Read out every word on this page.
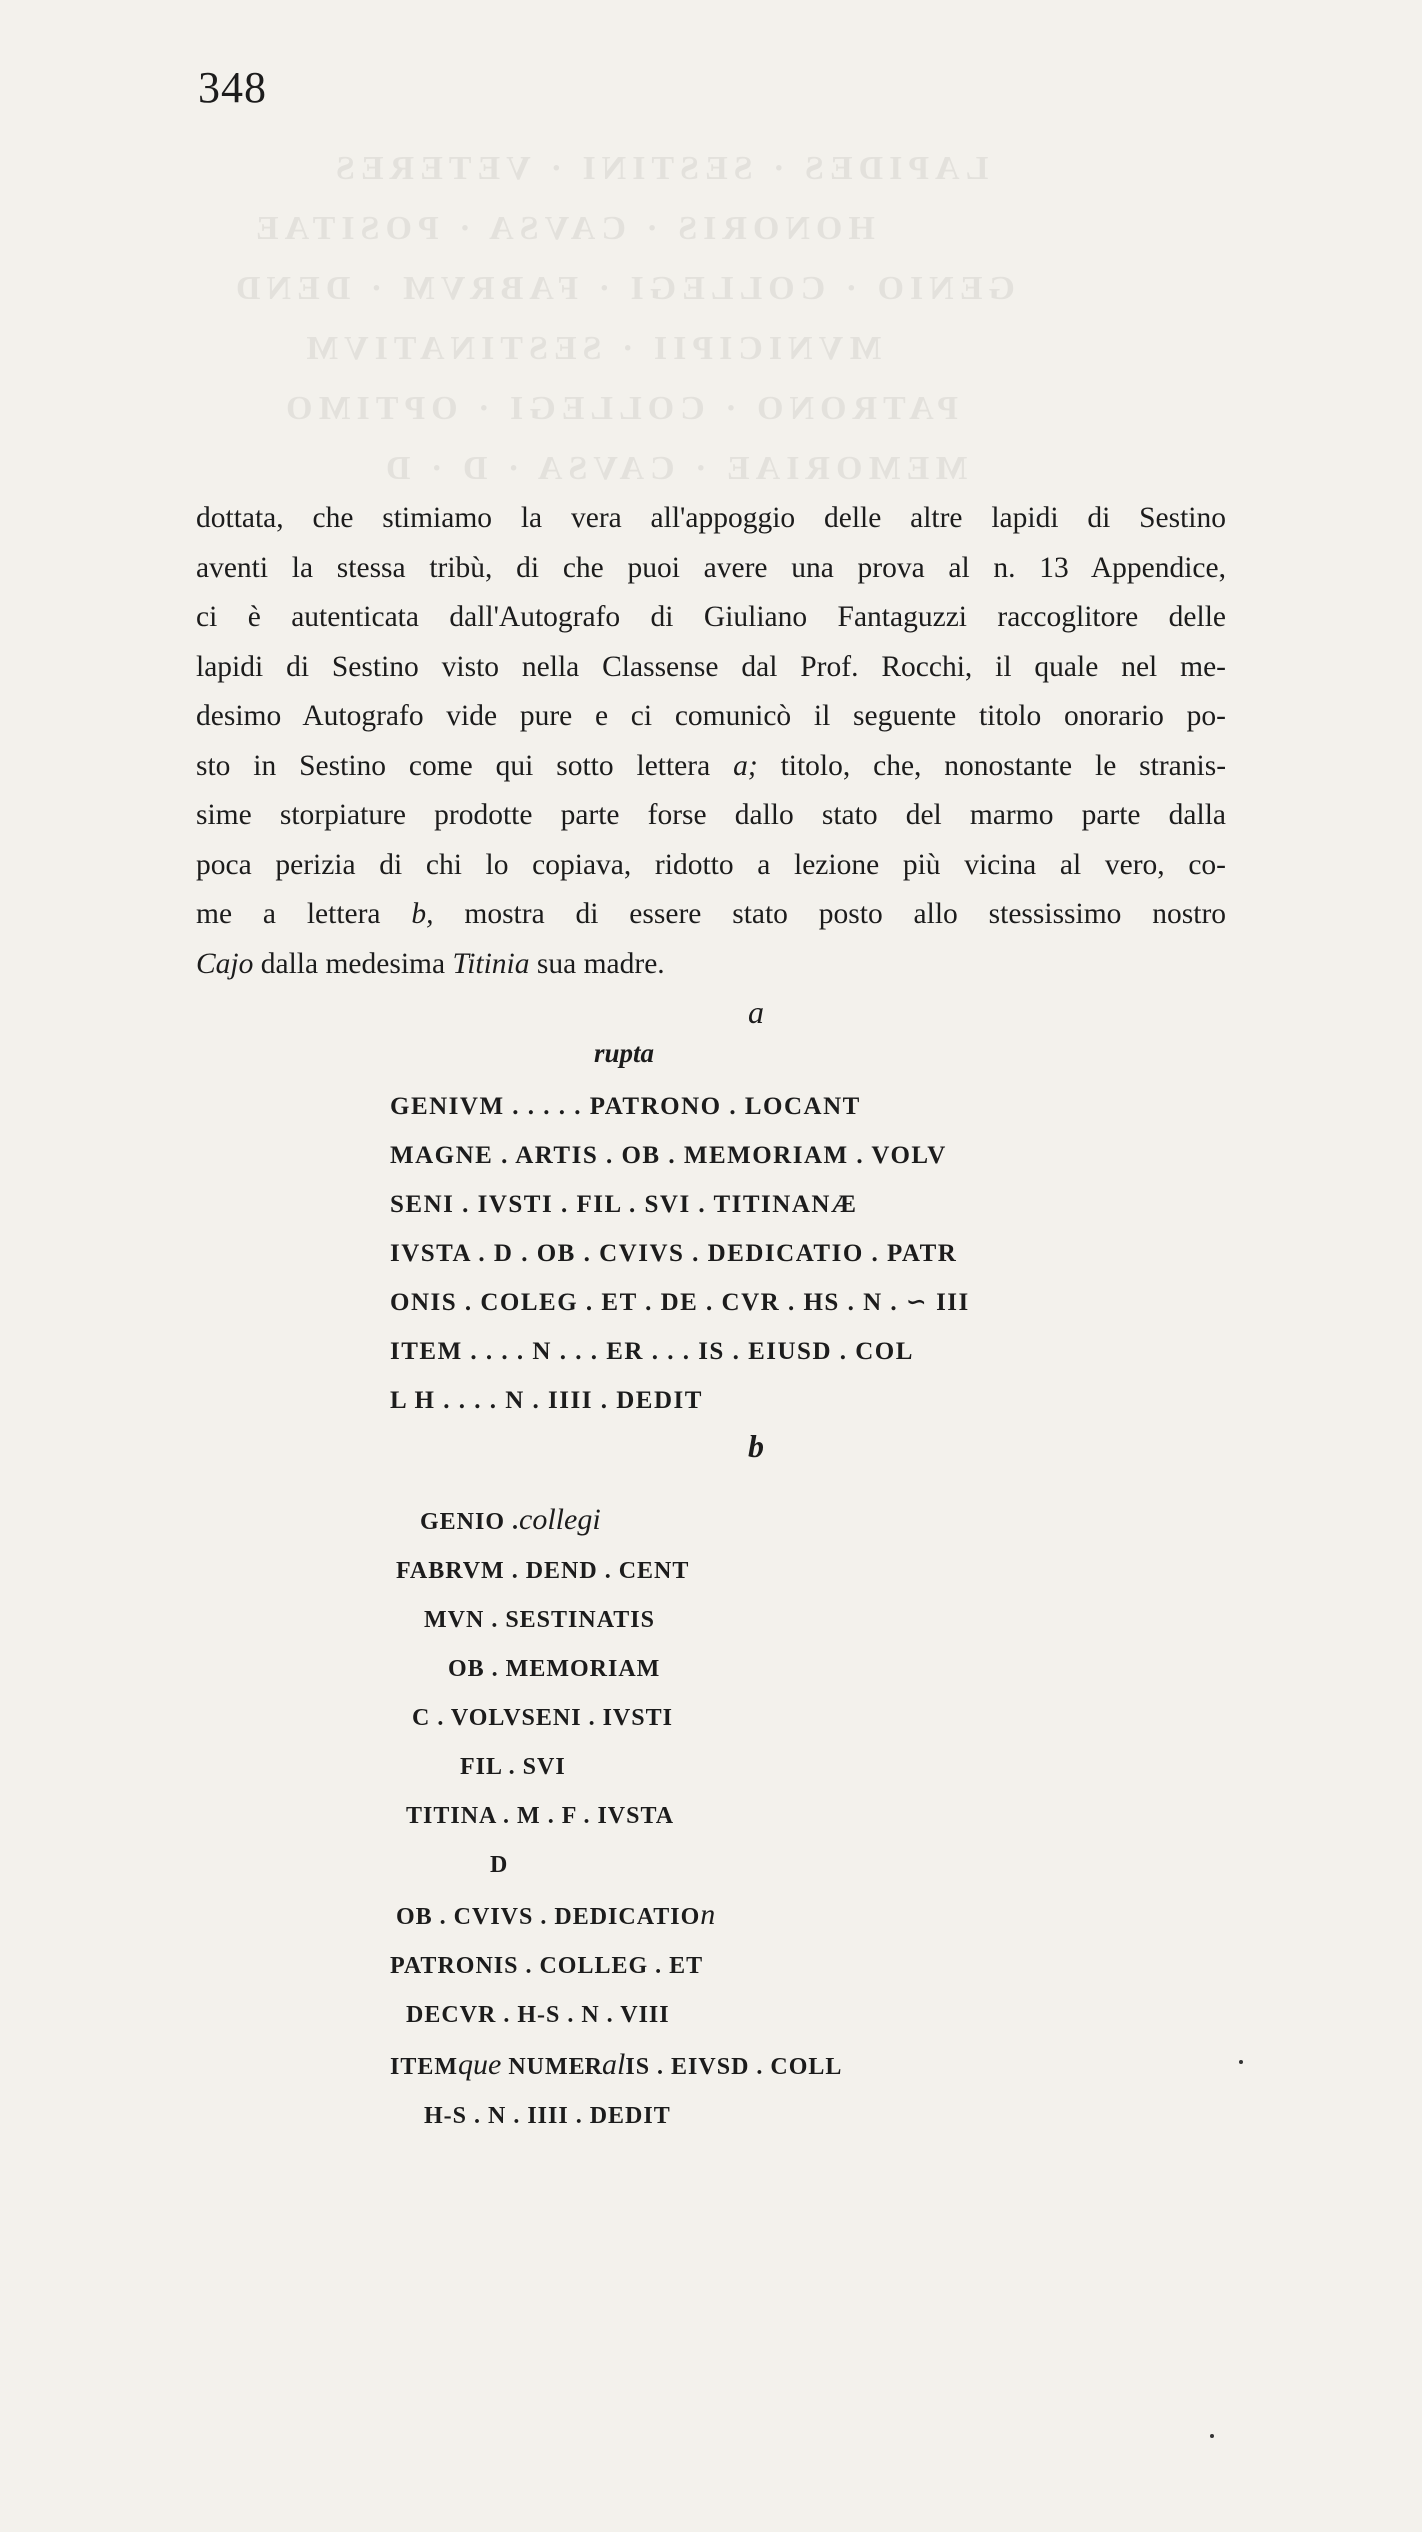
LAPIDES · SESTINI · VETERES
HONORIS · CAVSA · POSITAE
GENIO · COLLEGI · FABRVM · DEND
MVNICIPII · SESTINATIVM
PATRONO · COLLEGI · OPTIMO
MEMORIAE · CAVSA · D · D
348
dottata, che stimiamo la vera all'appoggio delle altre lapidi di Sestino
aventi la stessa tribù, di che puoi avere una prova al n. 13 Appendice,
ci è autenticata dall'Autografo di Giuliano Fantaguzzi raccoglitore delle
lapidi di Sestino visto nella Classense dal Prof. Rocchi, il quale nel me-
desimo Autografo vide pure e ci comunicò il seguente titolo onorario po-
sto in Sestino come qui sotto lettera a; titolo, che, nonostante le stranis-
sime storpiature prodotte parte forse dallo stato del marmo parte dalla
poca perizia di chi lo copiava, ridotto a lezione più vicina al vero, co-
me a lettera b, mostra di essere stato posto allo stessissimo nostro
Cajo dalla medesima Titinia sua madre.
a
rupta
GENIVM . . . . . PATRONO . LOCANT
MAGNE . ARTIS . OB . MEMORIAM . VOLV
SENI . IVSTI . FIL . SVI . TITINANÆ
IVSTA . D . OB . CVIVS . DEDICATIO . PATR
ONIS . COLEG . ET . DE . CVR . HS . N . ∽ III
ITEM . . . . N . . . ER . . . IS . EIUSD . COL
L H . . . . N . IIII . DEDIT
b
GENIO .collegi
FABRVM . DEND . CENT
MVN . SESTINATIS
OB . MEMORIAM
C . VOLVSENI . IVSTI
FIL . SVI
TITINA . M . F . IVSTA
D
OB . CVIVS . DEDICATIOn
PATRONIS . COLLEG . ET
DECVR . H-S . N . VIII
ITEMque NUMERalIS . EIVSD . COLL
H-S . N . IIII . DEDIT
